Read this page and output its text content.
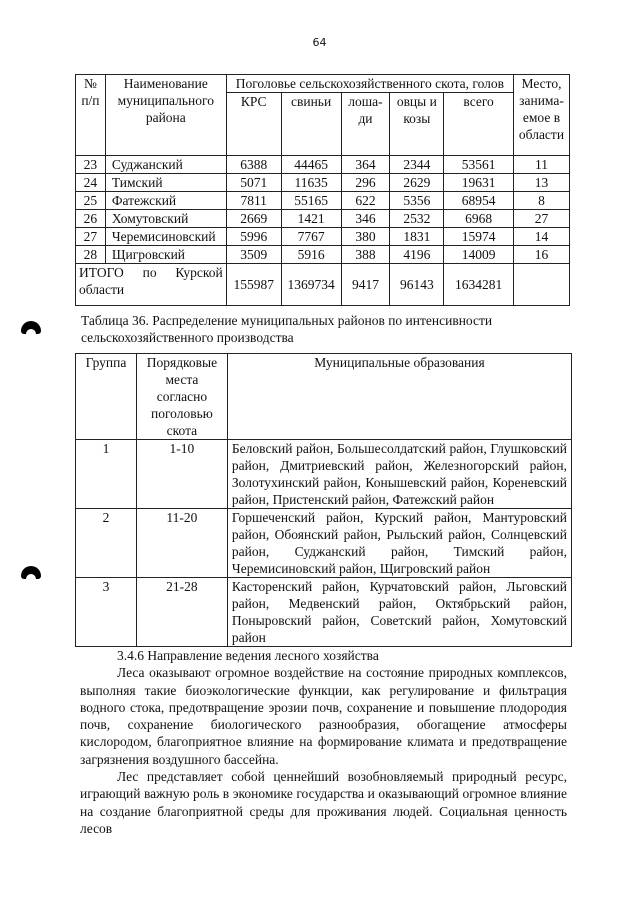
64
№ п/п	Наименование муниципального района	Поголовье сельскохозяйственного скота, голов					Место, занима-емое в области
		КРС	свиньи	лоша-ди	овцы и козы	всего	
23	Суджанский	6388	44465	364	2344	53561	11
24	Тимский	5071	11635	296	2629	19631	13
25	Фатежский	7811	55165	622	5356	68954	8
26	Хомутовский	2669	1421	346	2532	6968	27
27	Черемисиновский	5996	7767	380	1831	15974	14
28	Щигровский	3509	5916	388	4196	14009	16
ИТОГО по Курской области		155987	1369734	9417	96143	1634281	
Таблица 36. Распределение муниципальных районов по интенсивности сельскохозяйственного производства
Группа	Порядковые места согласно поголовью скота	Муниципальные образования
1	1-10	Беловский район, Большесолдатский район, Глушковский район, Дмитриевский район, Железногорский район, Золотухинский район, Конышевский район, Кореневский район, Пристенский район, Фатежский район
2	11-20	Горшеченский район, Курский район, Мантуровский район, Обоянский район, Рыльский район, Солнцевский район, Суджанский район, Тимский район, Черемисиновский район, Щигровский район
3	21-28	Касторенский район, Курчатовский район, Льговский район, Медвенский район, Октябрьский район, Поныровский район, Советский район, Хомутовский район
3.4.6 Направление ведения лесного хозяйства

Леса оказывают огромное воздействие на состояние природных комплексов, выполняя такие биоэкологические функции, как регулирование и фильтрация водного стока, предотвращение эрозии почв, сохранение и повышение плодородия почв, сохранение биологического разнообразия, обогащение атмосферы кислородом, благоприятное влияние на формирование климата и предотвращение загрязнения воздушного бассейна.

Лес представляет собой ценнейший возобновляемый природный ресурс, играющий важную роль в экономике государства и оказывающий огромное влияние на создание благоприятной среды для проживания людей. Социальная ценность лесов
